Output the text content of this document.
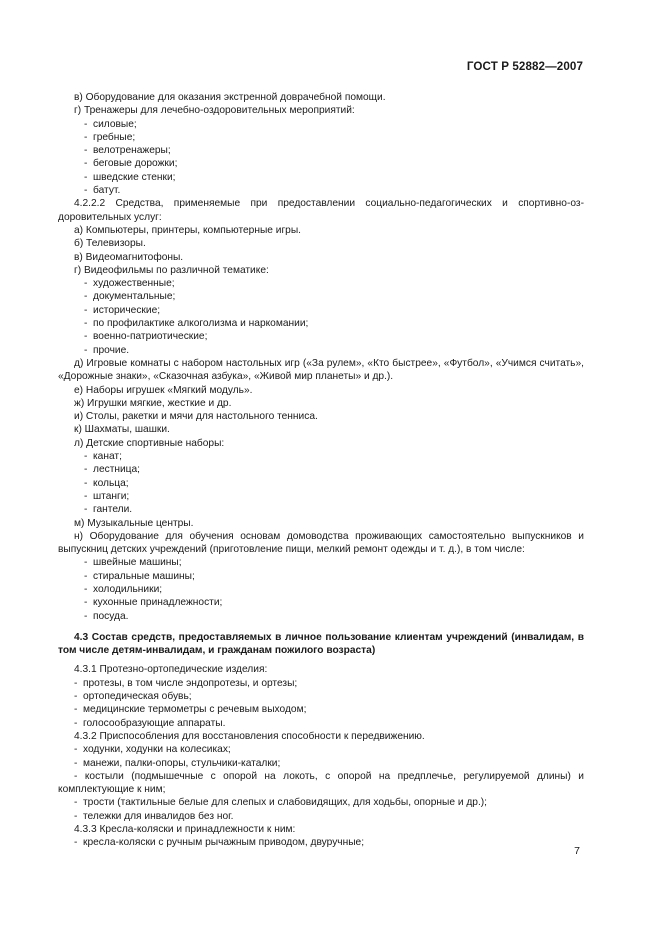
ГОСТ Р 52882—2007
в) Оборудование для оказания экстренной доврачебной помощи.
г) Тренажеры для лечебно-оздоровительных мероприятий:
- силовые;
- гребные;
- велотренажеры;
- беговые дорожки;
- шведские стенки;
- батут.
4.2.2.2 Средства, применяемые при предоставлении социально-педагогических и спортивно-оздоровительных услуг:
а) Компьютеры, принтеры, компьютерные игры.
б) Телевизоры.
в) Видеомагнитофоны.
г) Видеофильмы по различной тематике:
- художественные;
- документальные;
- исторические;
- по профилактике алкоголизма и наркомании;
- военно-патриотические;
- прочие.
д) Игровые комнаты с набором настольных игр («За рулем», «Кто быстрее», «Футбол», «Учимся считать», «Дорожные знаки», «Сказочная азбука», «Живой мир планеты» и др.).
е) Наборы игрушек «Мягкий модуль».
ж) Игрушки мягкие, жесткие и др.
и) Столы, ракетки и мячи для настольного тенниса.
к) Шахматы, шашки.
л) Детские спортивные наборы:
- канат;
- лестница;
- кольца;
- штанги;
- гантели.
м) Музыкальные центры.
н) Оборудование для обучения основам домоводства проживающих самостоятельно выпускников и выпускниц детских учреждений (приготовление пищи, мелкий ремонт одежды и т. д.), в том числе:
- швейные машины;
- стиральные машины;
- холодильники;
- кухонные принадлежности;
- посуда.
4.3 Состав средств, предоставляемых в личное пользование клиентам учреждений (инвалидам, в том числе детям-инвалидам, и гражданам пожилого возраста)
4.3.1 Протезно-ортопедические изделия:
- протезы, в том числе эндопротезы, и ортезы;
- ортопедическая обувь;
- медицинские термометры с речевым выходом;
- голосообразующие аппараты.
4.3.2 Приспособления для восстановления способности к передвижению.
- ходунки, ходунки на колесиках;
- манежи, палки-опоры, стульчики-каталки;
- костыли (подмышечные с опорой на локоть, с опорой на предплечье, регулируемой длины) и комплектующие к ним;
- трости (тактильные белые для слепых и слабовидящих, для ходьбы, опорные и др.);
- тележки для инвалидов без ног.
4.3.3 Кресла-коляски и принадлежности к ним:
- кресла-коляски с ручным рычажным приводом, двуручные;
7
